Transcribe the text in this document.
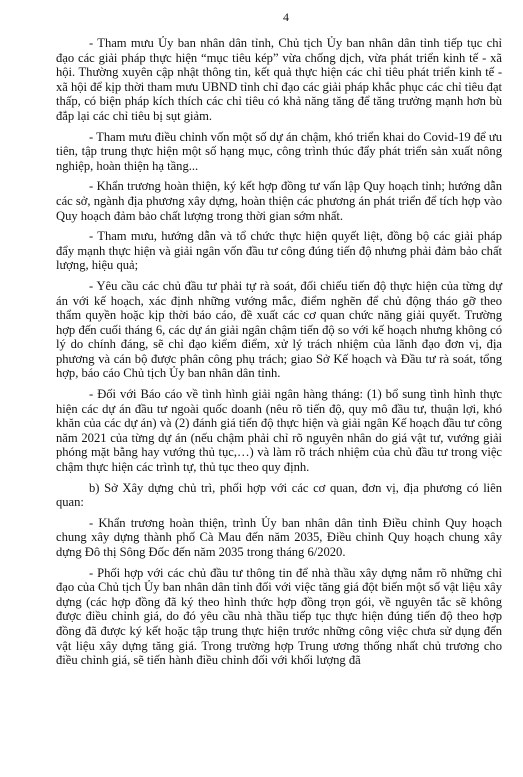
4

- Tham mưu Ủy ban nhân dân tỉnh, Chủ tịch Ủy ban nhân dân tỉnh tiếp tục chỉ đạo các giải pháp thực hiện “mục tiêu kép” vừa chống dịch, vừa phát triển kinh tế - xã hội. Thường xuyên cập nhật thông tin, kết quả thực hiện các chỉ tiêu phát triển kinh tế - xã hội để kịp thời tham mưu UBND tỉnh chỉ đạo các giải pháp khắc phục các chỉ tiêu đạt thấp, có biện pháp kích thích các chỉ tiêu có khả năng tăng để tăng trưởng mạnh hơn bù đắp lại các chỉ tiêu bị sụt giảm.

- Tham mưu điều chỉnh vốn một số dự án chậm, khó triển khai do Covid-19 để ưu tiên, tập trung thực hiện một số hạng mục, công trình thúc đẩy phát triển sản xuất nông nghiệp, hoàn thiện hạ tầng...

- Khẩn trương hoàn thiện, ký kết hợp đồng tư vấn lập Quy hoạch tỉnh; hướng dẫn các sở, ngành địa phương xây dựng, hoàn thiện các phương án phát triển để tích hợp vào Quy hoạch đảm bảo chất lượng trong thời gian sớm nhất.

- Tham mưu, hướng dẫn và tổ chức thực hiện quyết liệt, đồng bộ các giải pháp đẩy mạnh thực hiện và giải ngân vốn đầu tư công đúng tiến độ nhưng phải đảm bảo chất lượng, hiệu quả;

- Yêu cầu các chủ đầu tư phải tự rà soát, đối chiếu tiến độ thực hiện của từng dự án với kế hoạch, xác định những vướng mắc, điểm nghẽn để chủ động tháo gỡ theo thẩm quyền hoặc kịp thời báo cáo, đề xuất các cơ quan chức năng giải quyết. Trường hợp đến cuối tháng 6, các dự án giải ngân chậm tiến độ so với kế hoạch nhưng không có lý do chính đáng, sẽ chỉ đạo kiểm điểm, xử lý trách nhiệm của lãnh đạo đơn vị, địa phương và cán bộ được phân công phụ trách; giao Sở Kế hoạch và Đầu tư rà soát, tổng hợp, báo cáo Chủ tịch Ủy ban nhân dân tỉnh.

- Đối với Báo cáo về tình hình giải ngân hàng tháng: (1) bổ sung tình hình thực hiện các dự án đầu tư ngoài quốc doanh (nêu rõ tiến độ, quy mô đầu tư, thuận lợi, khó khăn của các dự án) và (2) đánh giá tiến độ thực hiện và giải ngân Kế hoạch đầu tư công năm 2021 của từng dự án (nếu chậm phải chỉ rõ nguyên nhân do giá vật tư, vướng giải phóng mặt bằng hay vướng thủ tục,…) và làm rõ trách nhiệm của chủ đầu tư trong việc chậm thực hiện các trình tự, thủ tục theo quy định.

b) Sở Xây dựng chủ trì, phối hợp với các cơ quan, đơn vị, địa phương có liên quan:

- Khẩn trương hoàn thiện, trình Ủy ban nhân dân tỉnh Điều chỉnh Quy hoạch chung xây dựng thành phố Cà Mau đến năm 2035, Điều chỉnh Quy hoạch chung xây dựng Đô thị Sông Đốc đến năm 2035 trong tháng 6/2020.

- Phối hợp với các chủ đầu tư thông tin để nhà thầu xây dựng nắm rõ những chỉ đạo của Chủ tịch Ủy ban nhân dân tỉnh đối với việc tăng giá đột biến một số vật liệu xây dựng (các hợp đồng đã ký theo hình thức hợp đồng trọn gói, về nguyên tắc sẽ không được điều chỉnh giá, do đó yêu cầu nhà thầu tiếp tục thực hiện đúng tiến độ theo hợp đồng đã được ký kết hoặc tập trung thực hiện trước những công việc chưa sử dụng đến vật liệu xây dựng tăng giá. Trong trường hợp Trung ương thống nhất chủ trương cho điều chỉnh giá, sẽ tiến hành điều chỉnh đối với khối lượng đã
